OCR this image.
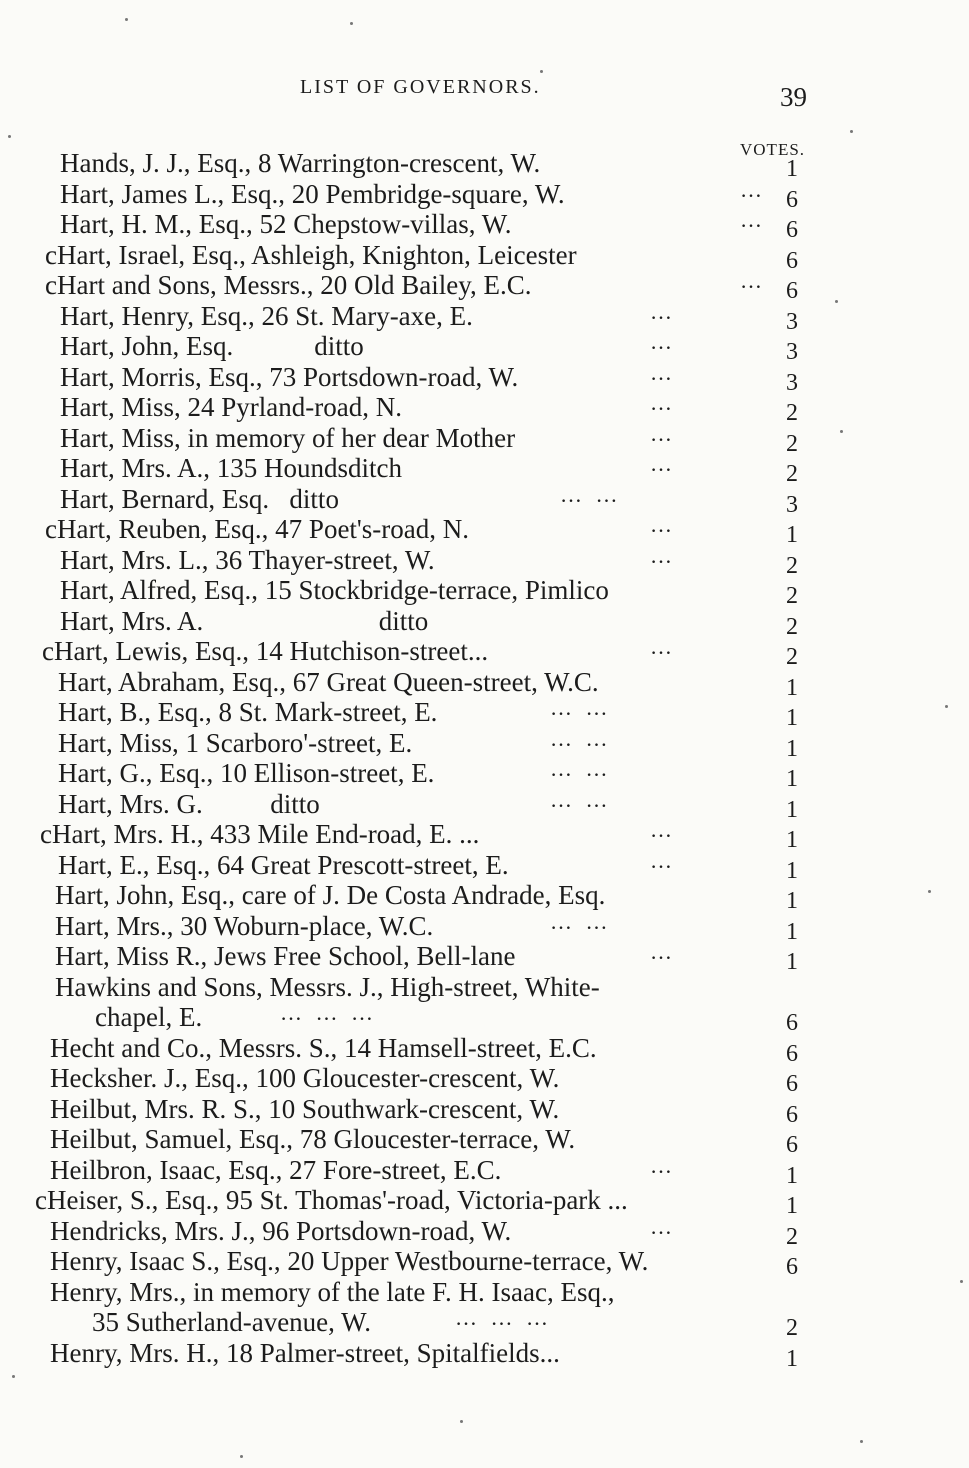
LIST OF GOVERNORS.	39
VOTES.
Hands, J. J., Esq., 8 Warrington-crescent, W.	1
Hart, James L., Esq., 20 Pembridge-square, W.	… 6
Hart, H. M., Esq., 52 Chepstow-villas, W.	… 6
cHart, Israel, Esq., Ashleigh, Knighton, Leicester	6
cHart and Sons, Messrs., 20 Old Bailey, E.C.	… 6
Hart, Henry, Esq., 26 St. Mary-axe, E.	…	3
Hart, John, Esq.            ditto	…	3
Hart, Morris, Esq., 73 Portsdown-road, W.	…	3
Hart, Miss, 24 Pyrland-road, N.	…	2
Hart, Miss, in memory of her dear Mother	…	2
Hart, Mrs. A., 135 Houndsditch	…	2
Hart, Bernard, Esq.   ditto	… …	3
cHart, Reuben, Esq., 47 Poet's-road, N.	…	1
Hart, Mrs. L., 36 Thayer-street, W.	…	2
Hart, Alfred, Esq., 15 Stockbridge-terrace, Pimlico	2
Hart, Mrs. A.                          ditto	2
cHart, Lewis, Esq., 14 Hutchison-street...	…	2
Hart, Abraham, Esq., 67 Great Queen-street, W.C.	1
Hart, B., Esq., 8 St. Mark-street, E.	… …	1
Hart, Miss, 1 Scarboro'-street, E.	… …	1
Hart, G., Esq., 10 Ellison-street, E.	… …	1
Hart, Mrs. G.          ditto	… …	1
cHart, Mrs. H., 433 Mile End-road, E. ...	…	1
Hart, E., Esq., 64 Great Prescott-street, E.	…	1
Hart, John, Esq., care of J. De Costa Andrade, Esq.	1
Hart, Mrs., 30 Woburn-place, W.C.	… …	1
Hart, Miss R., Jews Free School, Bell-lane	…	1
Hawkins and Sons, Messrs. J., High-street, White-
chapel, E.	… … …	6
Hecht and Co., Messrs. S., 14 Hamsell-street, E.C.	6
Hecksher. J., Esq., 100 Gloucester-crescent, W.	6
Heilbut, Mrs. R. S., 10 Southwark-crescent, W.	6
Heilbut, Samuel, Esq., 78 Gloucester-terrace, W.	6
Heilbron, Isaac, Esq., 27 Fore-street, E.C.	…	1
cHeiser, S., Esq., 95 St. Thomas'-road, Victoria-park ...	1
Hendricks, Mrs. J., 96 Portsdown-road, W.	…	2
Henry, Isaac S., Esq., 20 Upper Westbourne-terrace, W.	6
Henry, Mrs., in memory of the late F. H. Isaac, Esq.,
35 Sutherland-avenue, W.	… … …	2
Henry, Mrs. H., 18 Palmer-street, Spitalfields...	1
